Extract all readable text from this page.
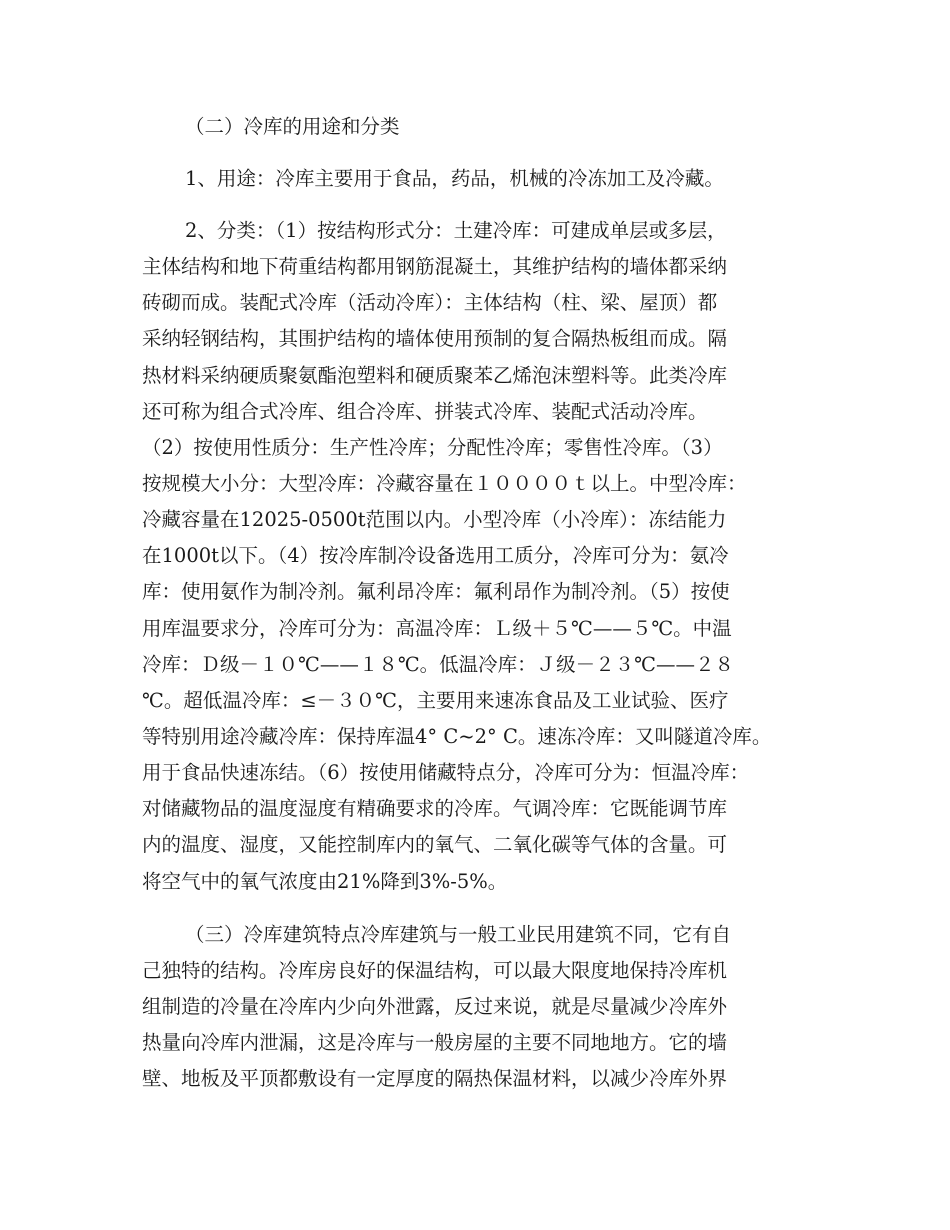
（二）冷库的用途和分类
1、用途：冷库主要用于食品，药品，机械的冷冻加工及冷藏。
2、分类：（1）按结构形式分：土建冷库：可建成单层或多层，
主体结构和地下荷重结构都用钢筋混凝土，其维护结构的墙体都采纳
砖砌而成。装配式冷库（活动冷库）：主体结构（柱、梁、屋顶）都
采纳轻钢结构，其围护结构的墙体使用预制的复合隔热板组而成。隔
热材料采纳硬质聚氨酯泡塑料和硬质聚苯乙烯泡沫塑料等。此类冷库
还可称为组合式冷库、组合冷库、拼装式冷库、装配式活动冷库。
（2）按使用性质分：生产性冷库；分配性冷库；零售性冷库。（3）
按规模大小分：大型冷库：冷藏容量在１００００ｔ以上。中型冷库：
冷藏容量在12025-0500t范围以内。小型冷库（小冷库）：冻结能力
在1000t以下。（4）按冷库制冷设备选用工质分，冷库可分为：氨冷
库：使用氨作为制冷剂。氟利昂冷库：氟利昂作为制冷剂。（5）按使
用库温要求分，冷库可分为：高温冷库：Ｌ级＋５℃——５℃。中温
冷库：Ｄ级－１０℃——１８℃。低温冷库：Ｊ级－２３℃——２８
℃。超低温冷库：≤－３０℃，主要用来速冻食品及工业试验、医疗
等特别用途冷藏冷库：保持库温4° C~2° C。速冻冷库：又叫隧道冷库。
用于食品快速冻结。（6）按使用储藏特点分，冷库可分为：恒温冷库：
对储藏物品的温度湿度有精确要求的冷库。气调冷库：它既能调节库
内的温度、湿度，又能控制库内的氧气、二氧化碳等气体的含量。可
将空气中的氧气浓度由21%降到3%-5%。
（三）冷库建筑特点冷库建筑与一般工业民用建筑不同，它有自
己独特的结构。冷库房良好的保温结构，可以最大限度地保持冷库机
组制造的冷量在冷库内少向外泄露，反过来说，就是尽量减少冷库外
热量向冷库内泄漏，这是冷库与一般房屋的主要不同地地方。它的墙
壁、地板及平顶都敷设有一定厚度的隔热保温材料，以减少冷库外界
